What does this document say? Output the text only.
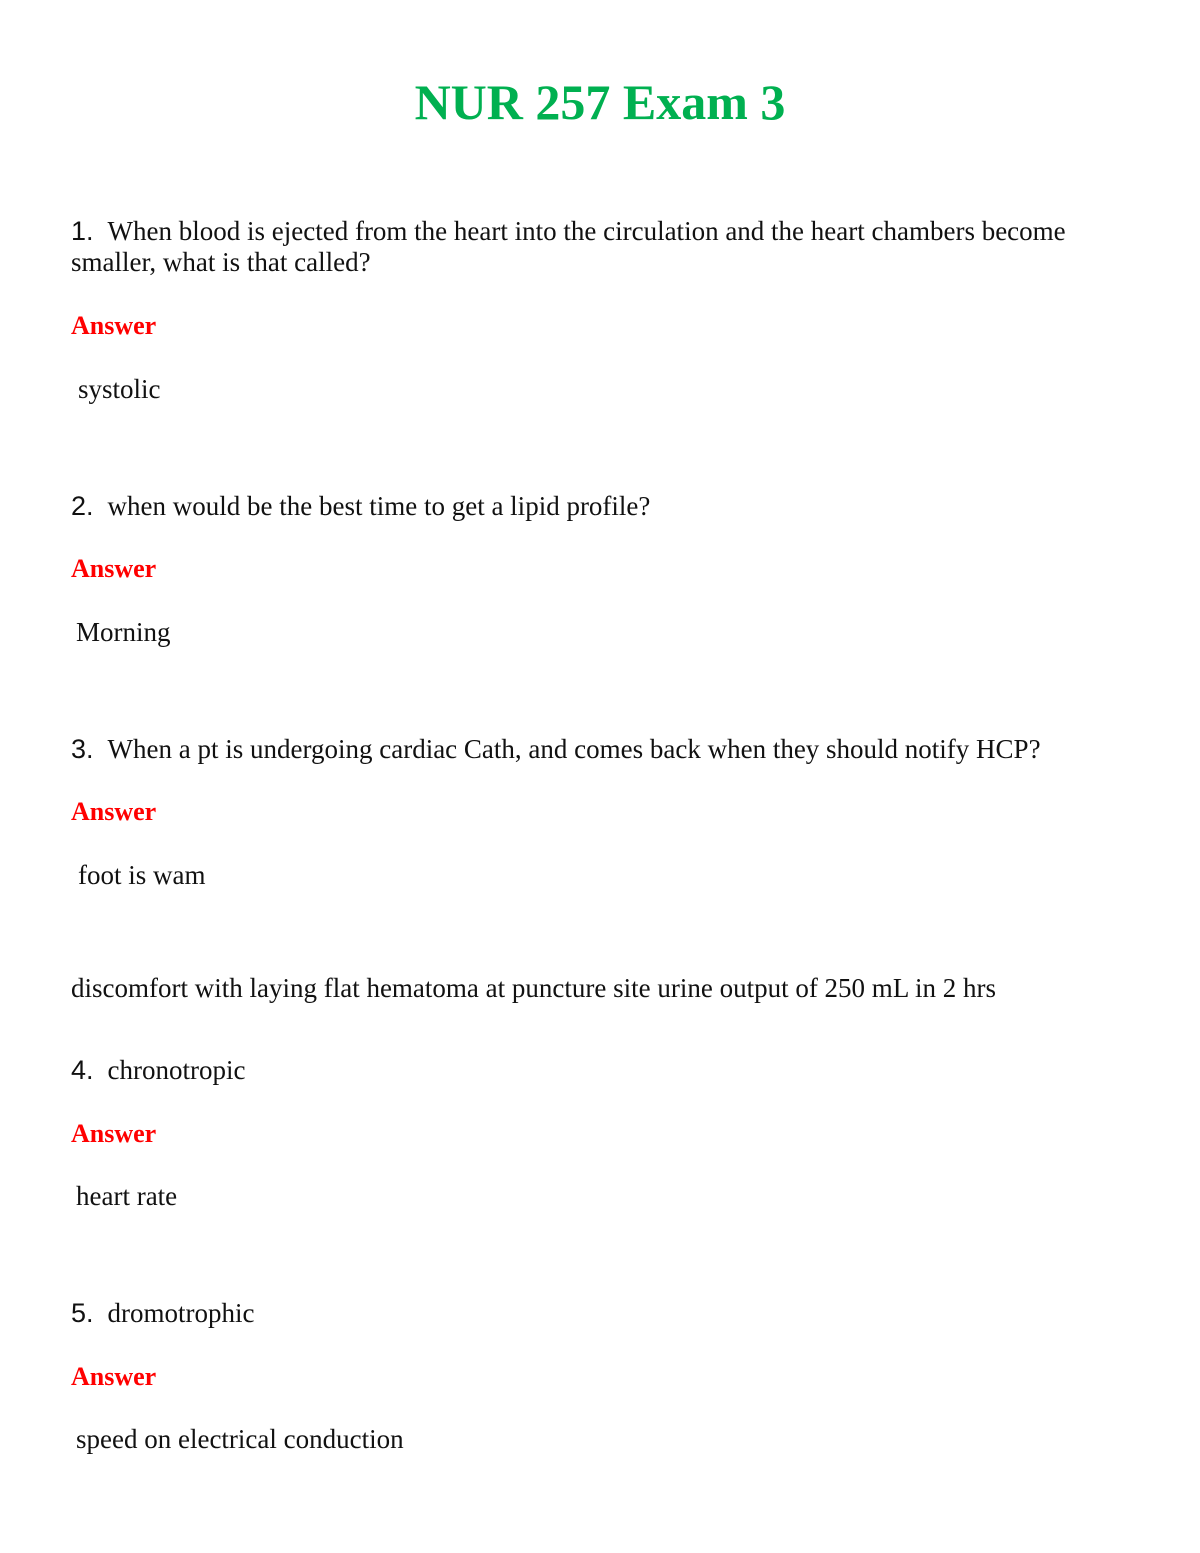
NUR 257 Exam 3

1. When blood is ejected from the heart into the circulation and the heart chambers become smaller, what is that called?

Answer

systolic

2. when would be the best time to get a lipid profile?

Answer

Morning

3. When a pt is undergoing cardiac Cath, and comes back when they should notify HCP?

Answer

foot is wam

discomfort with laying flat hematoma at puncture site urine output of 250 mL in 2 hrs

4. chronotropic

Answer

heart rate

5. dromotrophic

Answer

speed on electrical conduction
